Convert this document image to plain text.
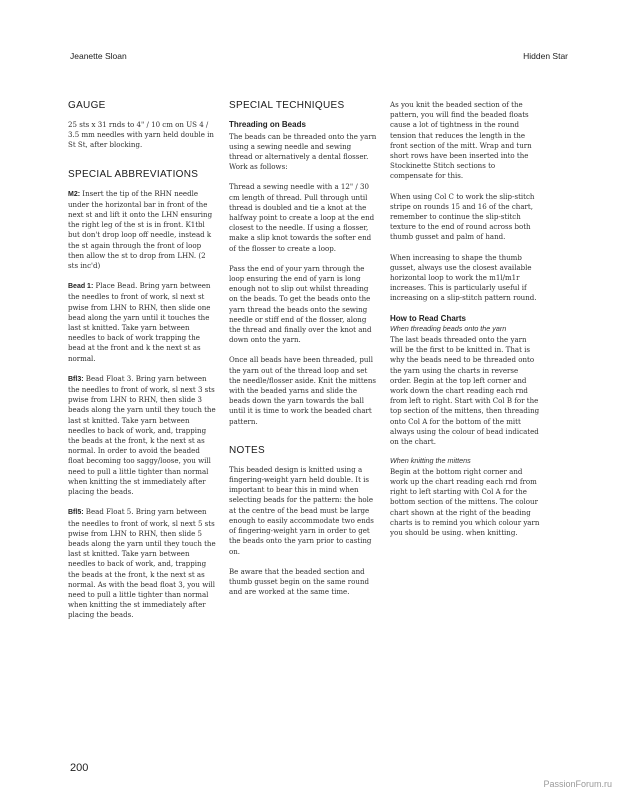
Jeanette Sloan	Hidden Star
GAUGE

25 sts x 31 rnds to 4" / 10 cm on US 4 / 3.5 mm needles with yarn held double in St St, after blocking.

SPECIAL ABBREVIATIONS

M2: Insert the tip of the RHN needle under the horizontal bar in front of the next st and lift it onto the LHN ensuring the right leg of the st is in front. K1tbl but don't drop loop off needle, instead k the st again through the front of loop then allow the st to drop from LHN. (2 sts inc'd)

Bead 1: Place Bead. Bring yarn between the needles to front of work, sl next st pwise from LHN to RHN, then slide one bead along the yarn until it touches the last st knitted. Take yarn between needles to back of work trapping the bead at the front and k the next st as normal.

Bfl3: Bead Float 3. Bring yarn between the needles to front of work, sl next 3 sts pwise from LHN to RHN, then slide 3 beads along the yarn until they touch the last st knitted. Take yarn between needles to back of work, and, trapping the beads at the front, k the next st as normal. In order to avoid the beaded float becoming too saggy/loose, you will need to pull a little tighter than normal when knitting the st immediately after placing the beads.

Bfl5: Bead Float 5. Bring yarn between the needles to front of work, sl next 5 sts pwise from LHN to RHN, then slide 5 beads along the yarn until they touch the last st knitted. Take yarn between needles to back of work, and, trapping the beads at the front, k the next st as normal. As with the bead float 3, you will need to pull a little tighter than normal when knitting the st immediately after placing the beads.

SPECIAL TECHNIQUES
Threading on Beads

The beads can be threaded onto the yarn using a sewing needle and sewing thread or alternatively a dental flosser. Work as follows:

Thread a sewing needle with a 12" / 30 cm length of thread. Pull through until thread is doubled and tie a knot at the halfway point to create a loop at the end closest to the needle. If using a flosser, make a slip knot towards the softer end of the flosser to create a loop.

Pass the end of your yarn through the loop ensuring the end of yarn is long enough not to slip out whilst threading on the beads. To get the beads onto the yarn thread the beads onto the sewing needle or stiff end of the flosser, along the thread and finally over the knot and down onto the yarn.

Once all beads have been threaded, pull the yarn out of the thread loop and set the needle/flosser aside. Knit the mittens with the beaded yarns and slide the beads down the yarn towards the ball until it is time to work the beaded chart pattern.

NOTES

This beaded design is knitted using a fingering-weight yarn held double. It is important to bear this in mind when selecting beads for the pattern: the hole at the centre of the bead must be large enough to easily accommodate two ends of fingering-weight yarn in order to get the beads onto the yarn prior to casting on.

Be aware that the beaded section and thumb gusset begin on the same round and are worked at the same time.

As you knit the beaded section of the pattern, you will find the beaded floats cause a lot of tightness in the round tension that reduces the length in the front section of the mitt. Wrap and turn short rows have been inserted into the Stockinette Stitch sections to compensate for this.

When using Col C to work the slip-stitch stripe on rounds 15 and 16 of the chart, remember to continue the slip-stitch texture to the end of round across both thumb gusset and palm of hand.

When increasing to shape the thumb gusset, always use the closest available horizontal loop to work the m1l/m1r increases. This is particularly useful if increasing on a slip-stitch pattern round.

How to Read Charts
When threading beads onto the yarn

The last beads threaded onto the yarn will be the first to be knitted in. That is why the beads need to be threaded onto the yarn using the charts in reverse order. Begin at the top left corner and work down the chart reading each rnd from left to right. Start with Col B for the top section of the mittens, then threading onto Col A for the bottom of the mitt always using the colour of bead indicated on the chart.

When knitting the mittens

Begin at the bottom right corner and work up the chart reading each rnd from right to left starting with Col A for the bottom section of the mittens. The colour chart shown at the right of the beading charts is to remind you which colour yarn you should be using. when knitting.

200
PassionForum.ru
